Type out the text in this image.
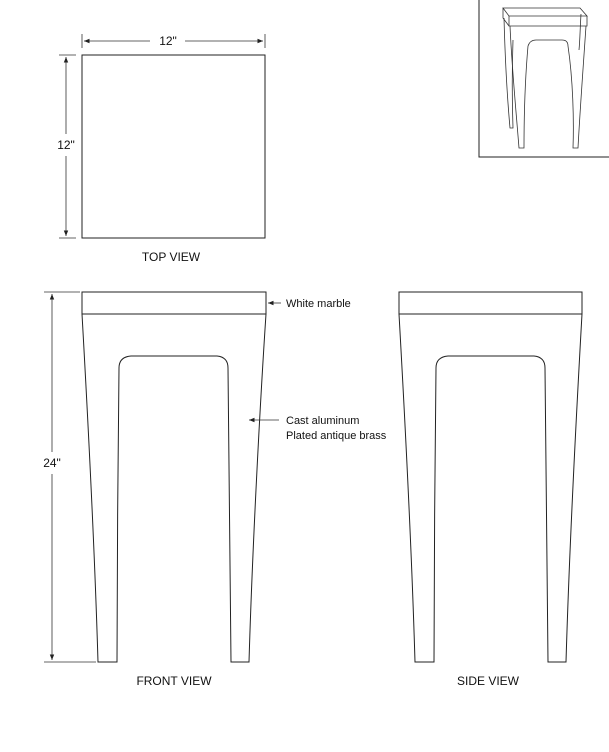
12"
12"
TOP VIEW
24"
White marble
Cast aluminum
Plated antique brass
FRONT VIEW	SIDE VIEW
